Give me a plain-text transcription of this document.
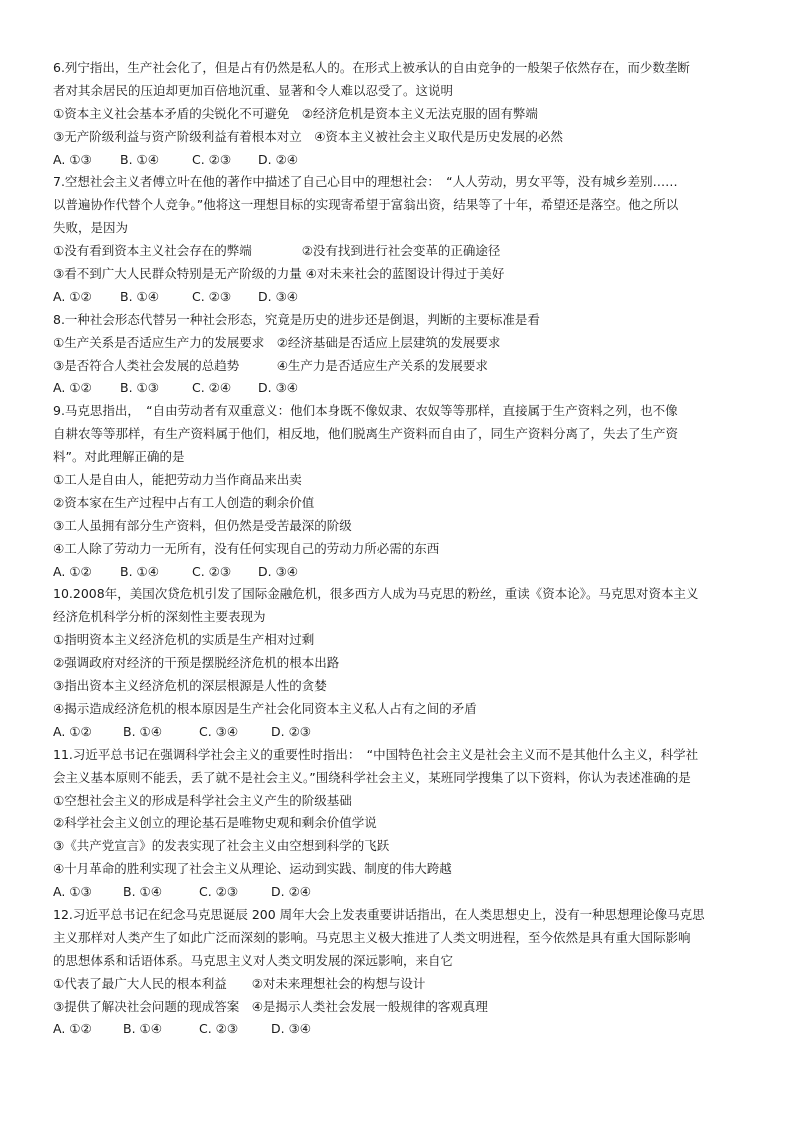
6.列宁指出，生产社会化了，但是占有仍然是私人的。在形式上被承认的自由竞争的一般架子依然存在，而少数垄断
者对其余居民的压迫却更加百倍地沉重、显著和令人难以忍受了。这说明
①资本主义社会基本矛盾的尖锐化不可避免　②经济危机是资本主义无法克服的固有弊端
③无产阶级利益与资产阶级利益有着根本对立　④资本主义被社会主义取代是历史发展的必然
A. ①③	B. ①④	C. ②③	D. ②④
7.空想社会主义者傅立叶在他的著作中描述了自己心目中的理想社会：　“人人劳动，男女平等，没有城乡差别……
以普遍协作代替个人竞争。”他将这一理想目标的实现寄希望于富翁出资，结果等了十年，希望还是落空。他之所以
失败，是因为
①没有看到资本主义社会存在的弊端　　　　②没有找到进行社会变革的正确途径
③看不到广大人民群众特别是无产阶级的力量 ④对未来社会的蓝图设计得过于美好
A. ①②	B. ①④	C. ②③	D. ③④
8.一种社会形态代替另一种社会形态，究竟是历史的进步还是倒退，判断的主要标准是看
①生产关系是否适应生产力的发展要求　②经济基础是否适应上层建筑的发展要求
③是否符合人类社会发展的总趋势　　　④生产力是否适应生产关系的发展要求
A. ①②	B. ①③	C. ②④	D. ③④
9.马克思指出，　“自由劳动者有双重意义：他们本身既不像奴隶、农奴等等那样，直接属于生产资料之列，也不像
自耕农等等那样，有生产资料属于他们，相反地，他们脱离生产资料而自由了，同生产资料分离了，失去了生产资
料”。对此理解正确的是
①工人是自由人，能把劳动力当作商品来出卖
②资本家在生产过程中占有工人创造的剩余价值
③工人虽拥有部分生产资料，但仍然是受苦最深的阶级
④工人除了劳动力一无所有，没有任何实现自己的劳动力所必需的东西
A. ①②	B. ①④	C. ②③	D. ③④
10.2008年，美国次贷危机引发了国际金融危机，很多西方人成为马克思的粉丝，重读《资本论》。马克思对资本主义
经济危机科学分析的深刻性主要表现为
①指明资本主义经济危机的实质是生产相对过剩
②强调政府对经济的干预是摆脱经济危机的根本出路
③指出资本主义经济危机的深层根源是人性的贪婪
④揭示造成经济危机的根本原因是生产社会化同资本主义私人占有之间的矛盾
A. ①②	B. ①④	C. ③④	D. ②③
11.习近平总书记在强调科学社会主义的重要性时指出：　“中国特色社会主义是社会主义而不是其他什么主义，科学社
会主义基本原则不能丢，丢了就不是社会主义。”围绕科学社会主义，某班同学搜集了以下资料，你认为表述准确的是
①空想社会主义的形成是科学社会主义产生的阶级基础
②科学社会主义创立的理论基石是唯物史观和剩余价值学说
③《共产党宣言》的发表实现了社会主义由空想到科学的飞跃
④十月革命的胜利实现了社会主义从理论、运动到实践、制度的伟大跨越
A. ①③	B. ①④	C. ②③	D. ②④
12.习近平总书记在纪念马克思诞辰 200 周年大会上发表重要讲话指出，在人类思想史上，没有一种思想理论像马克思
主义那样对人类产生了如此广泛而深刻的影响。马克思主义极大推进了人类文明进程，至今依然是具有重大国际影响
的思想体系和话语体系。马克思主义对人类文明发展的深远影响，来自它
①代表了最广大人民的根本利益　　②对未来理想社会的构想与设计
③提供了解决社会问题的现成答案　④是揭示人类社会发展一般规律的客观真理
A. ①②	B. ①④	C. ②③	D. ③④
